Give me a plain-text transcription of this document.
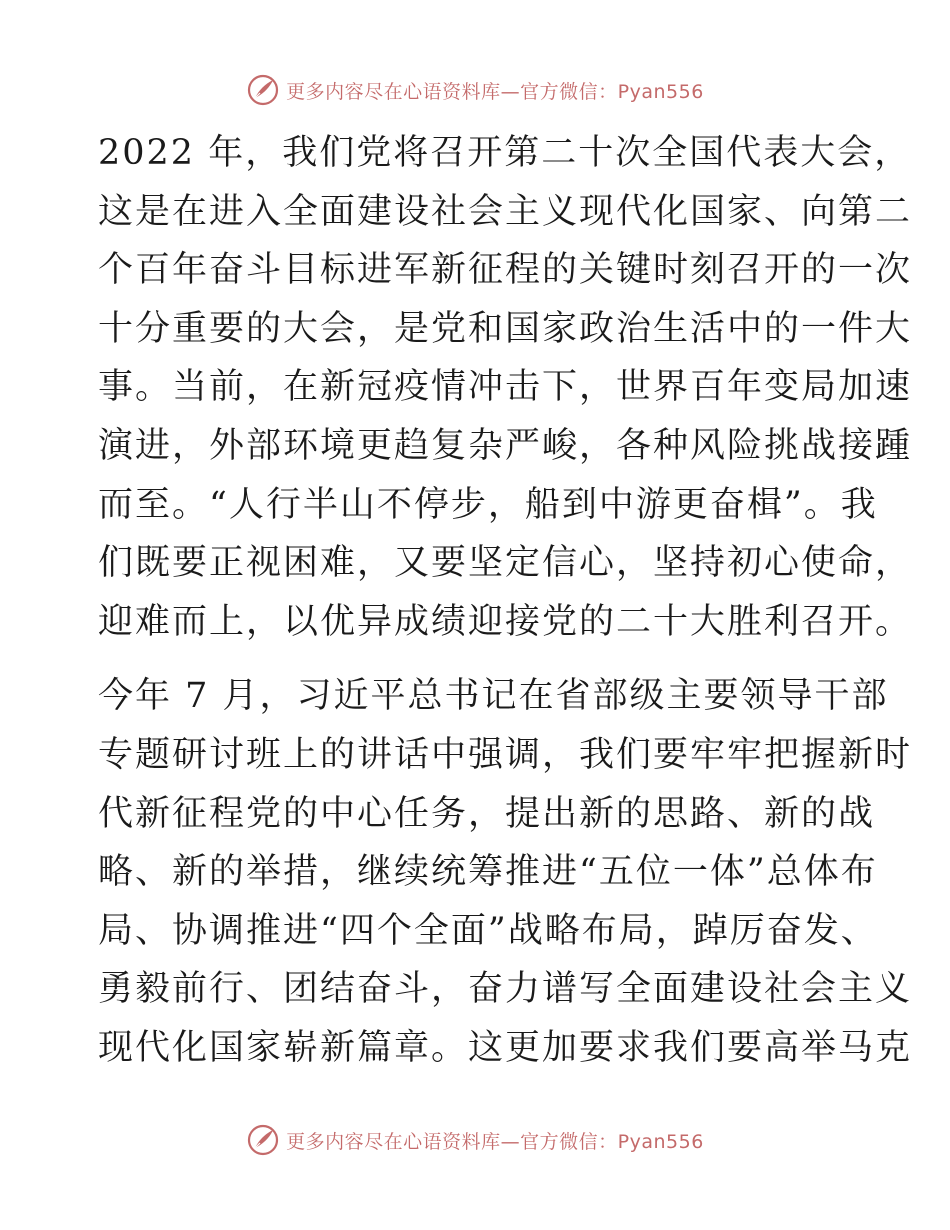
更多内容尽在心语资料库—官方微信：Pyan556

2022 年，我们党将召开第二十次全国代表大会，
这是在进入全面建设社会主义现代化国家、向第二
个百年奋斗目标进军新征程的关键时刻召开的一次
十分重要的大会，是党和国家政治生活中的一件大
事。当前，在新冠疫情冲击下，世界百年变局加速
演进，外部环境更趋复杂严峻，各种风险挑战接踵
而至。“人行半山不停步，船到中游更奋楫”。我
们既要正视困难，又要坚定信心，坚持初心使命，
迎难而上，以优异成绩迎接党的二十大胜利召开。

今年 7 月，习近平总书记在省部级主要领导干部
专题研讨班上的讲话中强调，我们要牢牢把握新时
代新征程党的中心任务，提出新的思路、新的战
略、新的举措，继续统筹推进“五位一体”总体布
局、协调推进“四个全面”战略布局，踔厉奋发、
勇毅前行、团结奋斗，奋力谱写全面建设社会主义
现代化国家崭新篇章。这更加要求我们要高举马克

更多内容尽在心语资料库—官方微信：Pyan556
